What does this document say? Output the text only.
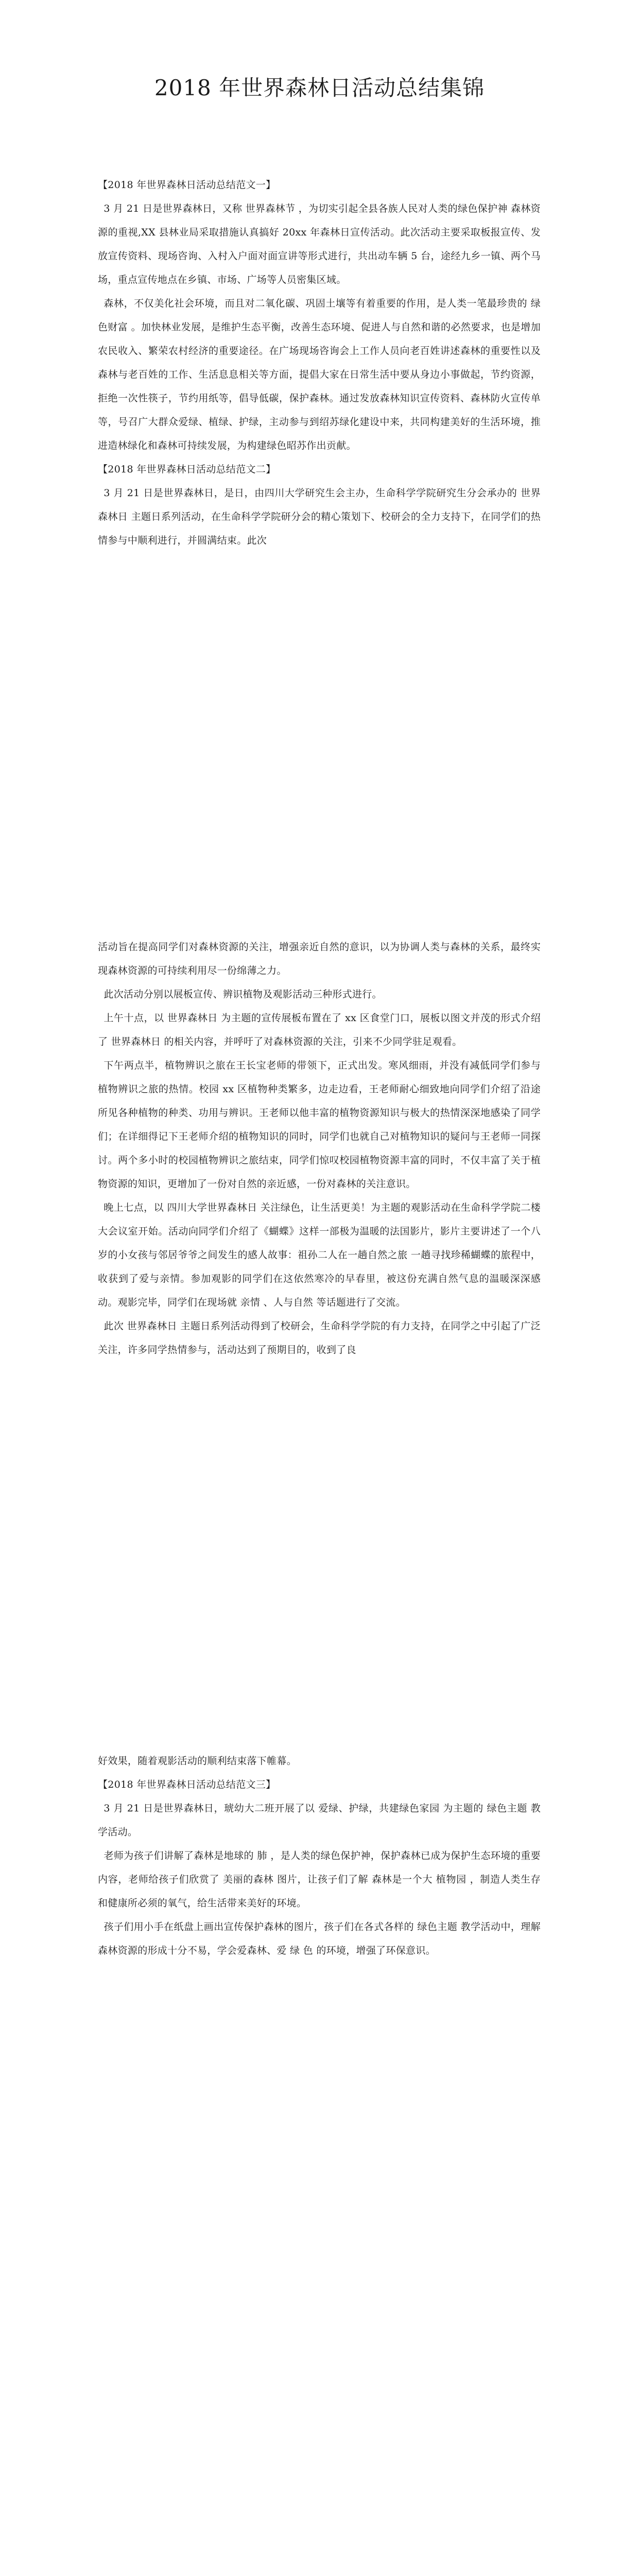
2018 年世界森林日活动总结集锦

【2018 年世界森林日活动总结范文一】

3 月 21 日是世界森林日，又称 世界森林节 ，为切实引起全县各族人民对人类的绿色保护神 森林资源的重视,XX 县林业局采取措施认真搞好 20xx 年森林日宣传活动。此次活动主要采取板报宣传、发放宣传资料、现场咨询、入村入户面对面宣讲等形式进行，共出动车辆 5 台，途经九乡一镇、两个马场，重点宣传地点在乡镇、市场、广场等人员密集区域。

森林，不仅美化社会环境，而且对二氧化碳、巩固土壤等有着重要的作用，是人类一笔最珍贵的 绿色财富 。加快林业发展，是维护生态平衡，改善生态环境、促进人与自然和谐的必然要求，也是增加农民收入、繁荣农村经济的重要途径。在广场现场咨询会上工作人员向老百姓讲述森林的重要性以及森林与老百姓的工作、生活息息相关等方面，提倡大家在日常生活中要从身边小事做起，节约资源，拒绝一次性筷子，节约用纸等，倡导低碳，保护森林。通过发放森林知识宣传资料、森林防火宣传单等，号召广大群众爱绿、植绿、护绿，主动参与到绍苏绿化建设中来，共同构建美好的生活环境，推进造林绿化和森林可持续发展，为构建绿色昭苏作出贡献。

【2018 年世界森林日活动总结范文二】

3 月 21 日是世界森林日，是日，由四川大学研究生会主办，生命科学学院研究生分会承办的 世界森林日 主题日系列活动，在生命科学学院研分会的精心策划下、校研会的全力支持下，在同学们的热情参与中顺利进行，并圆满结束。此次

活动旨在提高同学们对森林资源的关注，增强亲近自然的意识，以为协调人类与森林的关系，最终实现森林资源的可持续利用尽一份绵薄之力。

此次活动分别以展板宣传、辨识植物及观影活动三种形式进行。

上午十点，以 世界森林日 为主题的宣传展板布置在了 xx 区食堂门口，展板以图文并茂的形式介绍了 世界森林日 的相关内容，并呼吁了对森林资源的关注，引来不少同学驻足观看。

下午两点半，植物辨识之旅在王长宝老师的带领下，正式出发。寒风细雨，并没有减低同学们参与植物辨识之旅的热情。校园 xx 区植物种类繁多，边走边看，王老师耐心细致地向同学们介绍了沿途所见各种植物的种类、功用与辨识。王老师以他丰富的植物资源知识与极大的热情深深地感染了同学们；在详细得记下王老师介绍的植物知识的同时，同学们也就自己对植物知识的疑问与王老师一同探讨。两个多小时的校园植物辨识之旅结束，同学们惊叹校园植物资源丰富的同时，不仅丰富了关于植物资源的知识，更增加了一份对自然的亲近感，一份对森林的关注意识。

晚上七点，以 四川大学世界森林日 关注绿色，让生活更美！为主题的观影活动在生命科学学院二楼大会议室开始。活动向同学们介绍了《蝴蝶》这样一部极为温暖的法国影片，影片主要讲述了一个八岁的小女孩与邻居爷爷之间发生的感人故事：祖孙二人在一趟自然之旅 一趟寻找珍稀蝴蝶的旅程中，收获到了爱与亲情。参加观影的同学们在这依然寒冷的早春里，被这份充满自然气息的温暖深深感动。观影完毕，同学们在现场就 亲情 、人与自然 等话题进行了交流。

此次 世界森林日 主题日系列活动得到了校研会，生命科学学院的有力支持，在同学之中引起了广泛关注，许多同学热情参与，活动达到了预期目的，收到了良

好效果，随着观影活动的顺利结束落下帷幕。

【2018 年世界森林日活动总结范文三】

3 月 21 日是世界森林日，琥幼大二班开展了以 爱绿、护绿，共建绿色家园 为主题的 绿色主题 教学活动。

老师为孩子们讲解了森林是地球的 肺 ，是人类的绿色保护神，保护森林已成为保护生态环境的重要内容，老师给孩子们欣赏了 美丽的森林 图片，让孩子们了解 森林是一个大 植物园 ，制造人类生存和健康所必须的氧气，给生活带来美好的环境。

孩子们用小手在纸盘上画出宣传保护森林的图片，孩子们在各式各样的 绿色主题 教学活动中，理解森林资源的形成十分不易，学会爱森林、爱 绿 色 的环境，增强了环保意识。
